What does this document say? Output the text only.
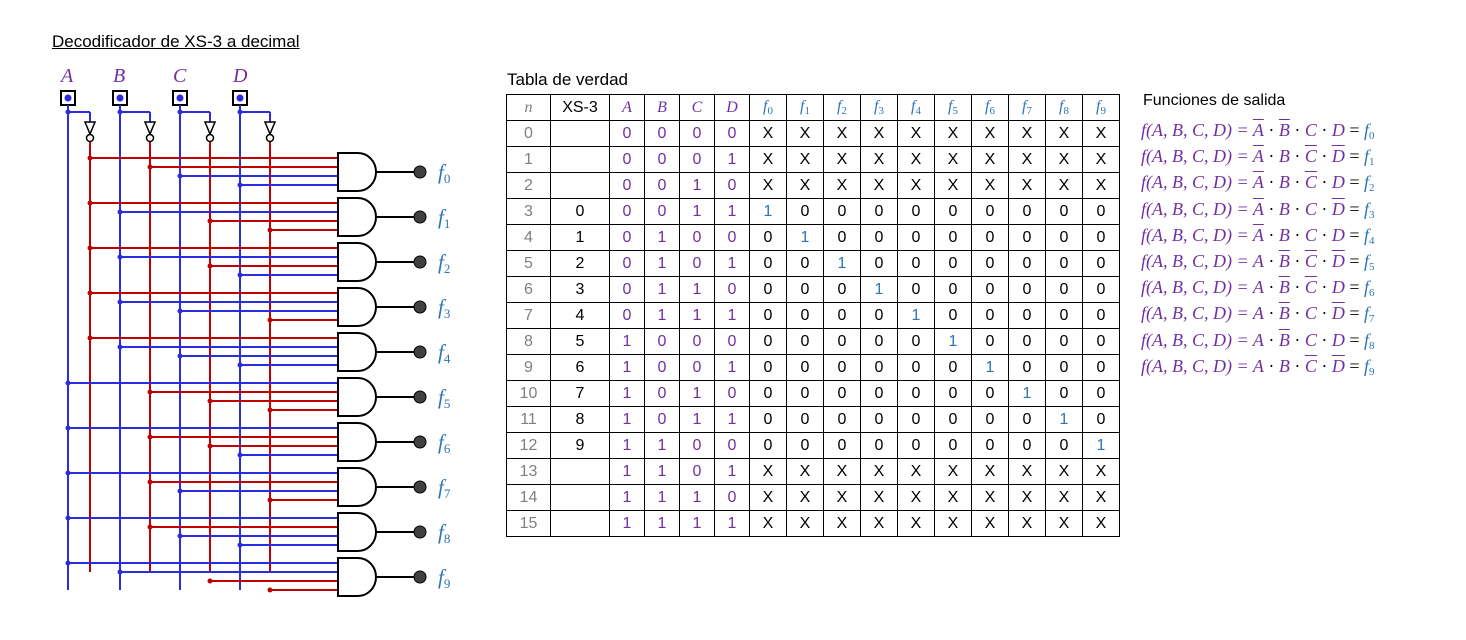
Decodificador de XS-3 a decimal
A B C D
f0
f1
f2
f3
f4
f5
f6
f7
f8
f9
Tabla de verdad
n	XS-3	A	B	C	D	f0	f1	f2	f3	f4	f5	f6	f7	f8	f9
0		0	0	0	0	X	X	X	X	X	X	X	X	X	X
1		0	0	0	1	X	X	X	X	X	X	X	X	X	X
2		0	0	1	0	X	X	X	X	X	X	X	X	X	X
3	0	0	0	1	1	1	0	0	0	0	0	0	0	0	0
4	1	0	1	0	0	0	1	0	0	0	0	0	0	0	0
5	2	0	1	0	1	0	0	1	0	0	0	0	0	0	0
6	3	0	1	1	0	0	0	0	1	0	0	0	0	0	0
7	4	0	1	1	1	0	0	0	0	1	0	0	0	0	0
8	5	1	0	0	0	0	0	0	0	0	1	0	0	0	0
9	6	1	0	0	1	0	0	0	0	0	0	1	0	0	0
10	7	1	0	1	0	0	0	0	0	0	0	0	1	0	0
11	8	1	0	1	1	0	0	0	0	0	0	0	0	1	0
12	9	1	1	0	0	0	0	0	0	0	0	0	0	0	1
13		1	1	0	1	X	X	X	X	X	X	X	X	X	X
14		1	1	1	0	X	X	X	X	X	X	X	X	X	X
15		1	1	1	1	X	X	X	X	X	X	X	X	X	X
Funciones de salida
f(A, B, C, $D) = \overline{A} \cdot \overline{B} \cdot C \cdot D = f0$
f(A, B, C, $D) = \overline{A} \cdot B \cdot \overline{C} \cdot \overline{D} = f1$
f(A, B, C, $D) = \overline{A} \cdot B \cdot \overline{C} \cdot D = f2$
f(A, B, C, $D) = \overline{A} \cdot B \cdot C \cdot \overline{D} = f3$
f(A, B, C, $D) = \overline{A} \cdot B \cdot C \cdot D = f4$
f(A, B, C, $D) = A \cdot \overline{B} \cdot \overline{C} \cdot \overline{D} = f5$
f(A, B, C, $D) = A \cdot \overline{B} \cdot \overline{C} \cdot D = f6$
f(A, B, C, $D) = A \cdot \overline{B} \cdot C \cdot \overline{D} = f7$
f(A, B, C, $D) = A \cdot \overline{B} \cdot C \cdot D = f8$
f(A, B, C, $D) = A \cdot B \cdot \overline{C} \cdot \overline{D} = f9$
